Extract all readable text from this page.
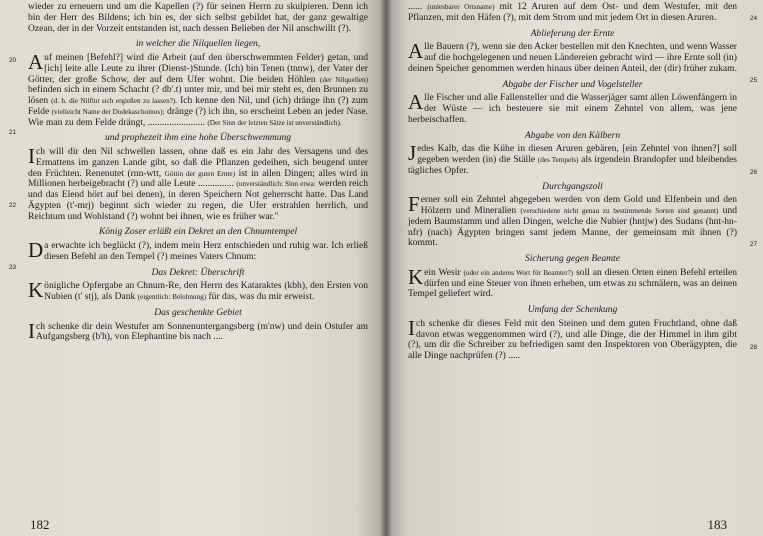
wieder zu erneuern und um die Kapellen (?) für seinen Herrn zu skulpieren. Denn ich bin der Herr des Bildens; ich bin es, der sich selbst gebildet hat, der ganz gewaltige Ozean, der in der Vorzeit entstanden ist, nach dessen Belieben der Nil anschwillt (?).

in welcher die Nilquellen liegen,

20 A uf meinen [Befehl?] wird die Arbeit (auf den überschwemmten Felder) getan, und [ich] leite alle Leute zu ihrer (Dienst-)Stunde. (Ich) bin Tenen (tnnw), der Vater der Götter, der große Schow, der auf dem Ufer wohnt. Die beiden Höhlen (der Nilquellen) befinden sich in einem Schacht (? db'.t) unter mir, und bei mir steht es, den Brunnen zu lösen (d. h. die Nilflut sich ergießen zu lassen?). Ich kenne den Nil, und (ich) dränge ihn (?) zum Felde (vielleicht Name der Dodekaschoinos);
21
dränge (?) ich ihn, so erscheint Leben an jeder Nase. Wie man zu dem Felde drängt, ........................ (Der Sinn der letzten Sätze ist unverständlich).

und prophezeit ihm eine hohe Überschwemmung

Ich will dir den Nil schwellen lassen, ohne daß es ein Jahr des Versagens und des Ermattens im ganzen Lande gibt, so daß die Pflanzen gedeihen, sich beugend unter den Früchten. Renenutet (rnn-wtt, Göttin der guten Ernte) ist in allen Dingen; alles wird in Millionen herbeigebracht (?) und alle Leute ...............
22
(unverständlich: Sinn etwa: werden reich und das Elend hört auf bei denen), in deren Speichern Not geherrscht hatte. Das Land Ägypten (t'-mrj) beginnt sich wieder zu regen, die Ufer erstrahlen herrlich, und Reichtum und Wohlstand (?) wohnt bei ihnen, wie es früher war."

König Zoser erläßt ein Dekret an den Chnumtempel

23
D a erwachte ich beglückt (?), indem mein Herz entschieden und ruhig war. Ich erließ diesen Befehl an den Tempel (?) meines Vaters Chnum:

Das Dekret: Überschrift

Königliche Opfergabe an Chnum-Re, den Herrn des Kataraktes (kbh), den Ersten von Nubien (t' stj), als Dank (eigentlich: Belohnung) für das, was du mir erweist.

Das geschenkte Gebiet

Ich schenke dir dein Westufer am Sonnenuntergangsberg (m'nw) und dein Ostufer am Aufgangsberg (b'h), von Elephantine bis nach ....

182

...... (unlesbarer Ortsname) mit 12 Aruren auf dem Ost- und dem Westufer, mit den Pflanzen, mit den Häfen (?), mit dem Strom und mit jedem Ort in diesen Aruren.	24

Ablieferung der Ernte

Alle Bauern (?), wenn sie den Acker bestellen mit den Knechten, und wenn Wasser auf die hochgelegenen und neuen Ländereien gebracht wird — ihre Ernte soll (in) deinen Speicher genommen werden hinaus über deinen Anteil, der (dir) früher zukam.
25

Abgabe der Fischer und Vogelsteller

Alle Fischer und alle Fallensteller und die Wasserjäger samt allen Löwenfängern in der Wüste — ich besteuere sie mit einem Zehntel von allem, was jene herbeischaffen.

Abgabe von den Kälbern

Jedes Kalb, das die Kühe in diesen Aruren gebären, [ein Zehntel von ihnen?] soll gegeben werden (in) die Ställe (des Tempels) als irgendein Brandopfer und bleibendes tägliches Opfer.	26

Durchgangszoll

Ferner soll ein Zehntel abgegeben werden von dem Gold und Elfenbein und den Hölzern und Mineralien (verschiedene nicht genau zu bestimmende Sorten sind genannt) und jedem Baumstamm und allen Dingen, welche die Nubier (hntjw) des Sudans (hnt-hn-nfr) (nach) Ägypten bringen samt jedem Manne, der gemeinsam mit ihnen (?) kommt.	27

Sicherung gegen Beamte

Kein Wesir (oder ein anderes Wort für Beamter?) soll an diesen Orten einen Befehl erteilen dürfen und eine Steuer von ihnen erheben, um etwas zu schmälern, was an deinen Tempel geliefert wird.

Umfang der Schenkung

Ich schenke dir dieses Feld mit den Steinen und dem guten Fruchtland, ohne daß davon etwas weggenommen wird (?), und alle Dinge, die der Himmel in ihm gibt (?), um dir die Schreiber zu befriedigen samt den Inspektoren von Oberägypten, die alle Dinge nachprüfen (?) .....
28

183
